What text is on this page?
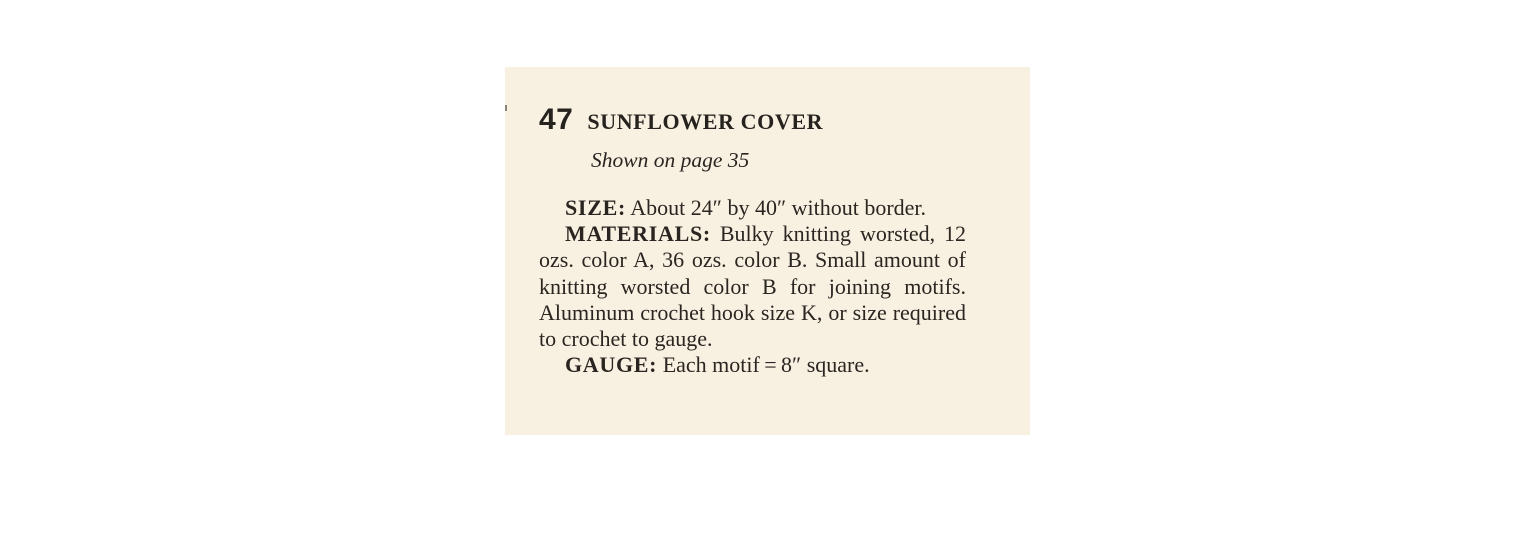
47 SUNFLOWER COVER
Shown on page 35

SIZE: About 24″ by 40″ without border.

MATERIALS: Bulky knitting worsted, 12 ozs. color A, 36 ozs. color B. Small amount of knitting worsted color B for joining motifs. Aluminum crochet hook size K, or size required to crochet to gauge.

GAUGE: Each motif = 8″ square.
